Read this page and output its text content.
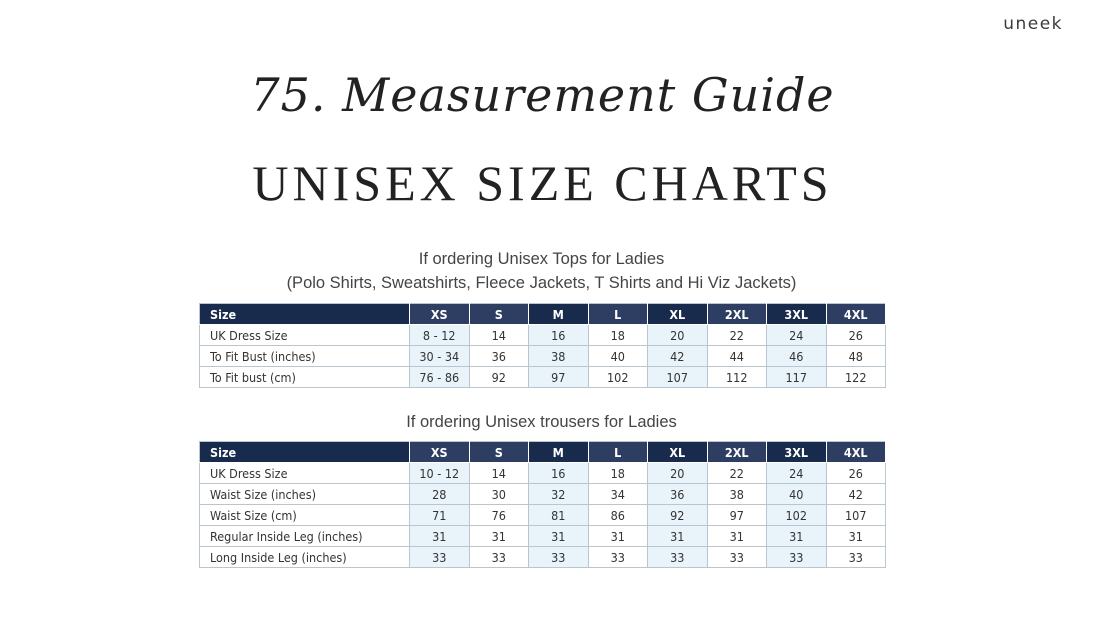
uneek
75. Measurement Guide
UNISEX SIZE CHARTS
If ordering Unisex Tops for Ladies
(Polo Shirts, Sweatshirts, Fleece Jackets, T Shirts and Hi Viz Jackets)
Size	XS	S	M	L	XL	2XL	3XL	4XL
UK Dress Size	8 - 12	14	16	18	20	22	24	26
To Fit Bust (inches)	30 - 34	36	38	40	42	44	46	48
To Fit bust (cm)	76 - 86	92	97	102	107	112	117	122
If ordering Unisex trousers for Ladies
Size	XS	S	M	L	XL	2XL	3XL	4XL
UK Dress Size	10 - 12	14	16	18	20	22	24	26
Waist Size (inches)	28	30	32	34	36	38	40	42
Waist Size (cm)	71	76	81	86	92	97	102	107
Regular Inside Leg (inches)	31	31	31	31	31	31	31	31
Long Inside Leg (inches)	33	33	33	33	33	33	33	33
